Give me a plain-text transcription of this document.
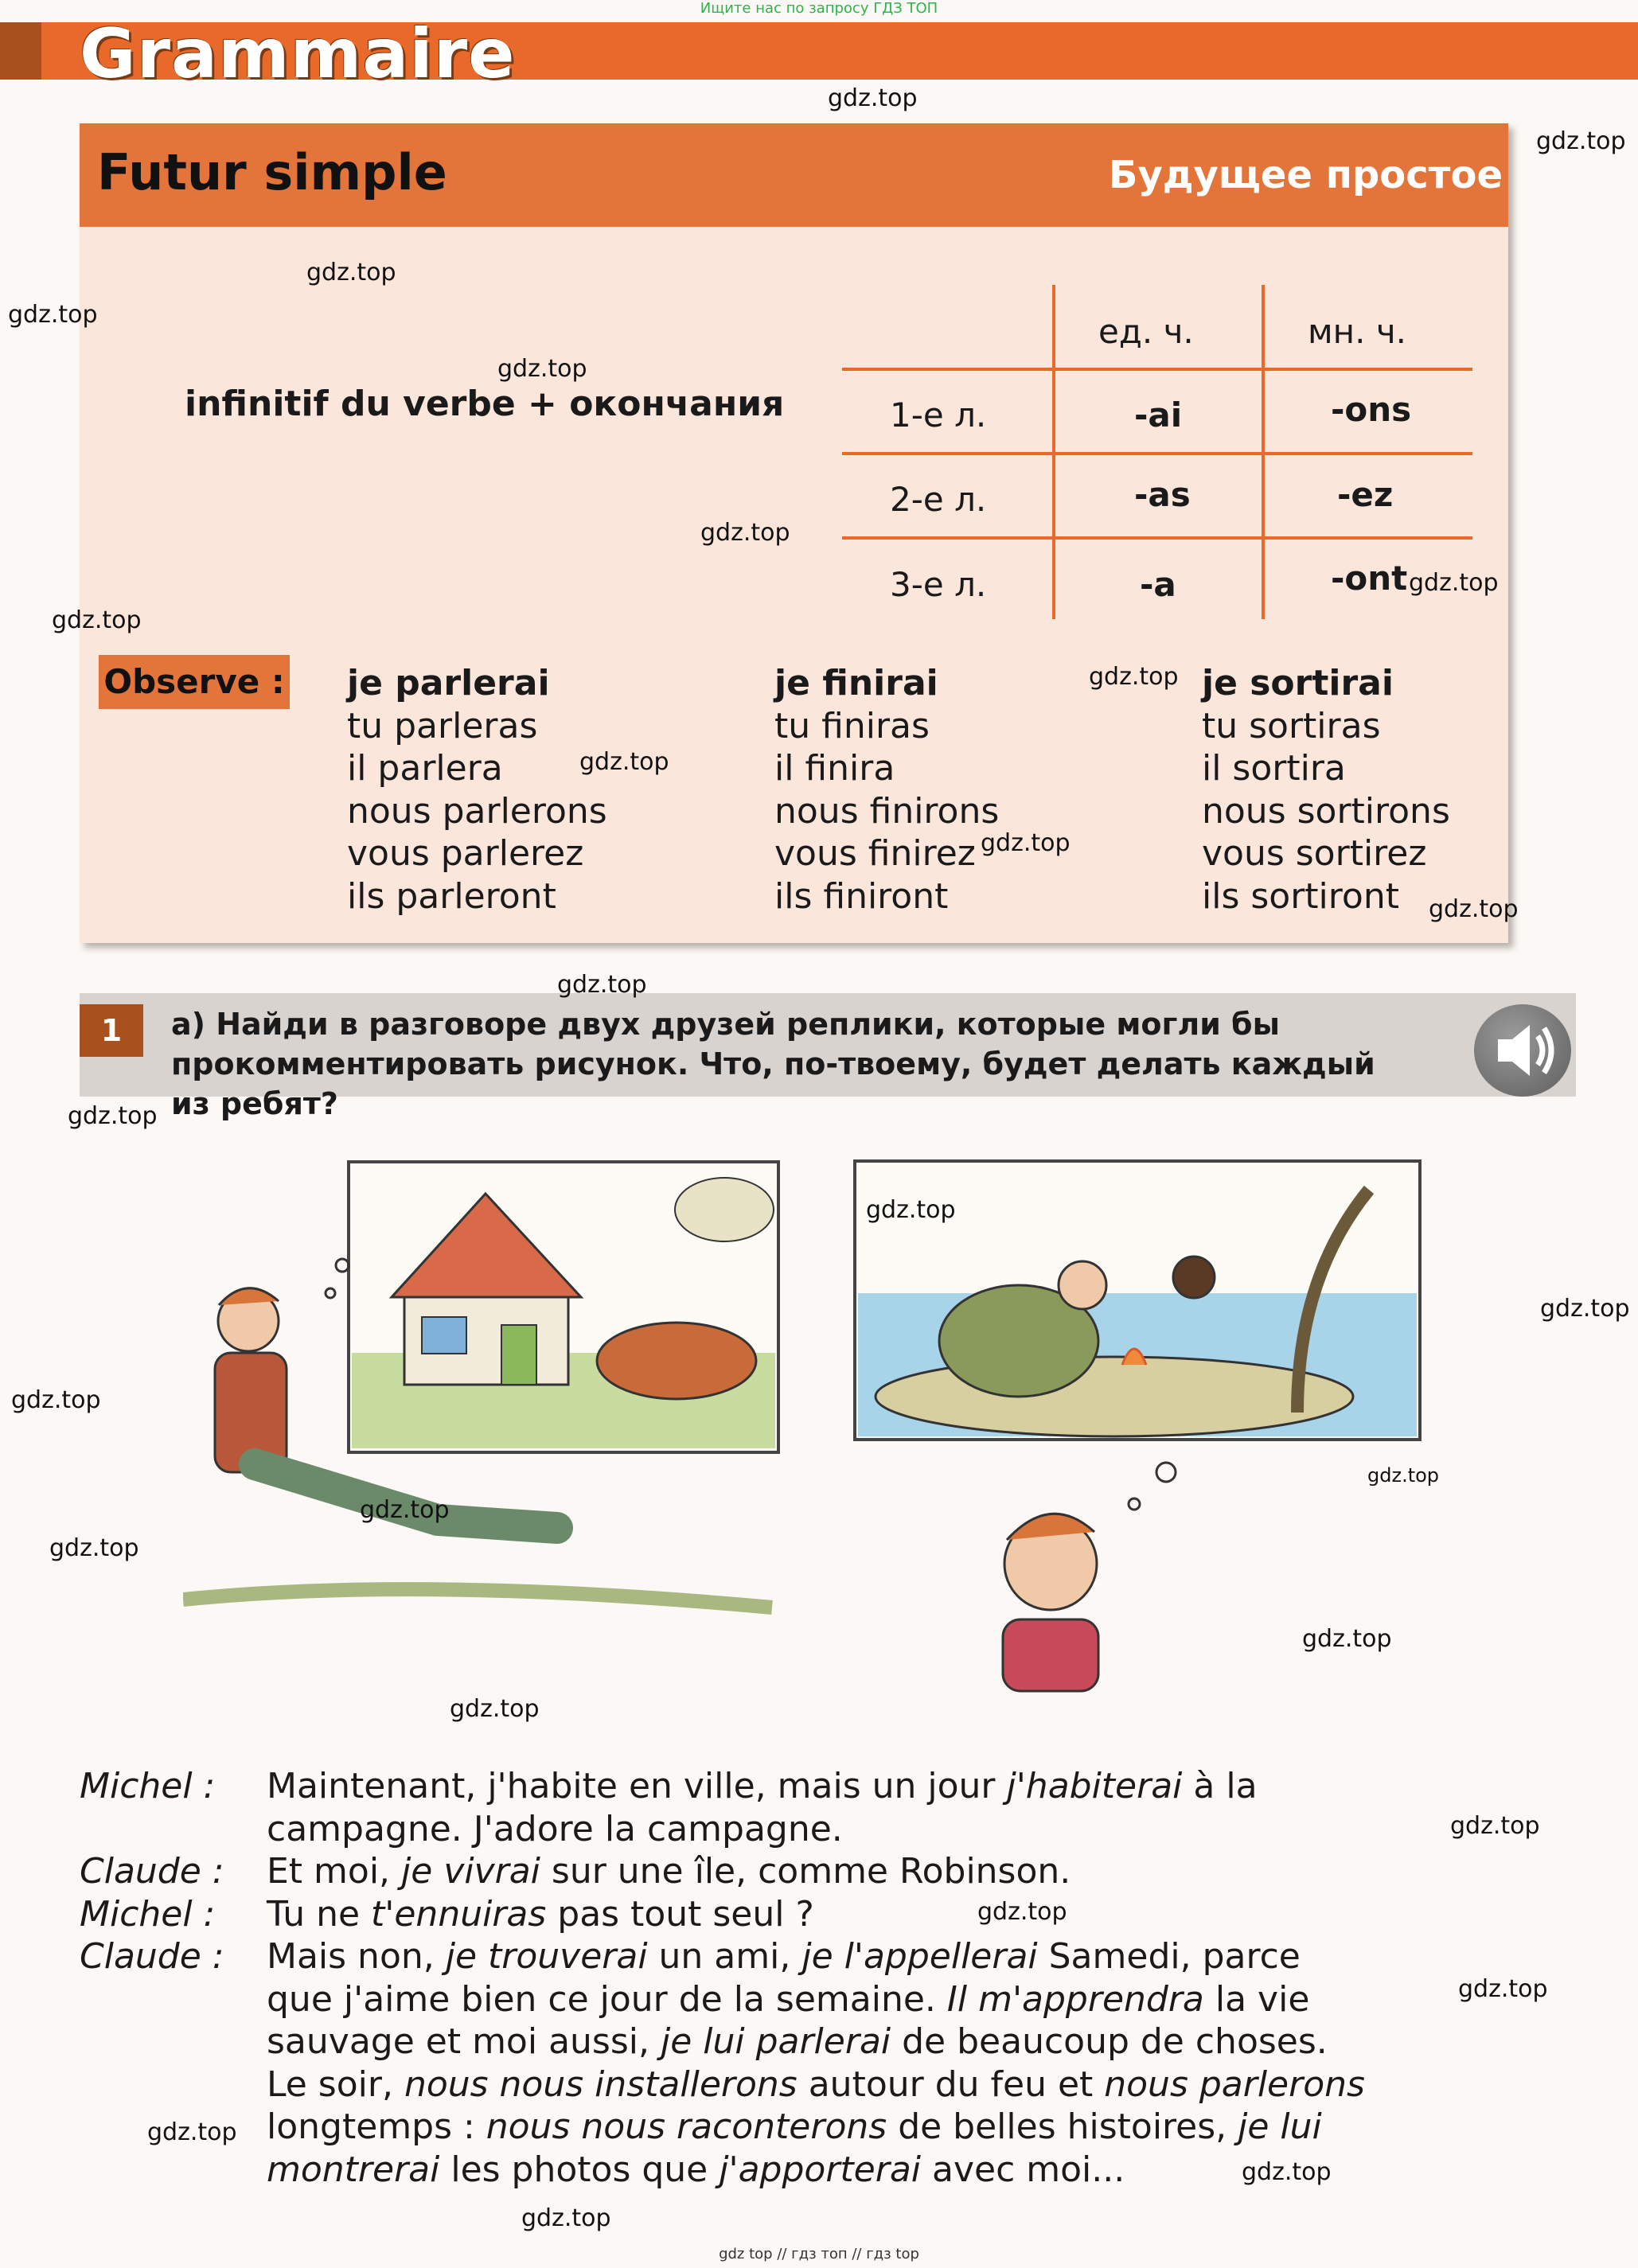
Ищите нас по запросу ГДЗ ТОП
Grammaire
Futur simple	Будущее простое
infinitif du verbe + окончания
ед. ч.	мн. ч.
1-е л.	-ai	-ons
2-е л.	-as	-ez
3-е л.	-a	-ont
Observe : je parlerai
tu parleras
il parlera
nous parlerons
vous parlerez
ils parleront
je finirai
tu finiras
il finira
nous finirons
vous finirez
ils finiront
je sortirai
tu sortiras
il sortira
nous sortirons
vous sortirez
ils sortiront
1	a) Найди в разговоре двух друзей реплики, которые могли бы прокомментировать рисунок. Что, по-твоему, будет делать каждый из ребят?
Michel :	Maintenant, j'habite en ville, mais un jour j'habiterai à la
campagne. J'adore la campagne.
Claude :	Et moi, je vivrai sur une île, comme Robinson.
Michel :	Tu ne t'ennuiras pas tout seul ?
Claude :	Mais non, je trouverai un ami, je l'appellerai Samedi, parce
que j'aime bien ce jour de la semaine. Il m'apprendra la vie
sauvage et moi aussi, je lui parlerai de beaucoup de choses.
Le soir, nous nous installerons autour du feu et nous parlerons
longtemps : nous nous raconterons de belles histoires, je lui
montrerai les photos que j'apporterai avec moi...
gdz.top
gdz.top
gdz.top
gdz.top
gdz.top
gdz.top
gdz.top
gdz.top
gdz.top
gdz.top
gdz.top
gdz.top
gdz.top
gdz.top
gdz.top
gdz.top
gdz.top
gdz.top
gdz.top
gdz.top
gdz.top
gdz.top
gdz.top
gdz.top
gdz.top
gdz.top
gdz.top
gdz.top
gdz top // гдз топ // гдз top
